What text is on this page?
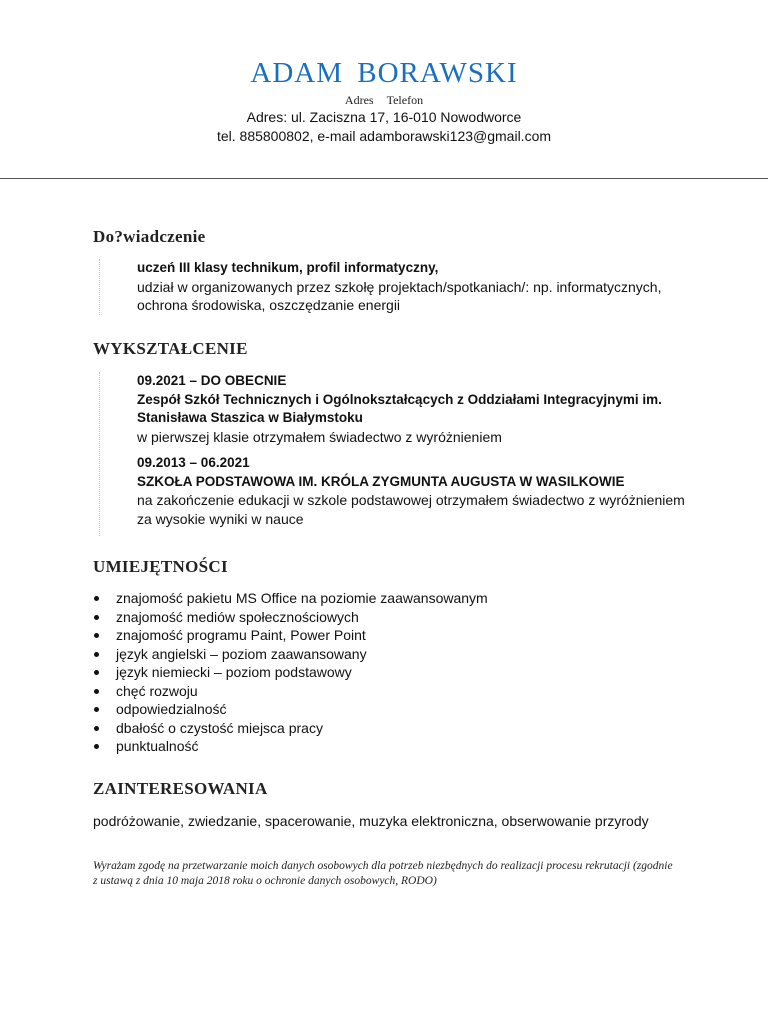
ADAM BORAWSKI
Adres Telefon
Adres: ul. Zaciszna 17, 16-010 Nowodworce
tel. 885800802, e-mail adamborawski123@gmail.com
Do?wiadczenie
uczeń III klasy technikum, profil informatyczny,
udział w organizowanych przez szkołę projektach/spotkaniach/: np. informatycznych, ochrona środowiska, oszczędzanie energii
WYKSZTAŁCENIE
09.2021 – DO OBECNIE
Zespół Szkół Technicznych i Ogólnokształcących z Oddziałami Integracyjnymi im. Stanisława Staszica w Białymstoku
w pierwszej klasie otrzymałem świadectwo z wyróżnieniem
09.2013 – 06.2021
SZKOŁA PODSTAWOWA IM. KRÓLA ZYGMUNTA AUGUSTA W WASILKOWIE
na zakończenie edukacji w szkole podstawowej otrzymałem świadectwo z wyróżnieniem za wysokie wyniki w nauce
UMIEJĘTNOŚCI
znajomość pakietu MS Office na poziomie zaawansowanym
znajomość mediów społecznościowych
znajomość programu Paint, Power Point
język angielski – poziom zaawansowany
język niemiecki – poziom podstawowy
chęć rozwoju
odpowiedzialność
dbałość o czystość miejsca pracy
punktualność
ZAINTERESOWANIA
podróżowanie, zwiedzanie, spacerowanie, muzyka elektroniczna, obserwowanie przyrody
Wyrażam zgodę na przetwarzanie moich danych osobowych dla potrzeb niezbędnych do realizacji procesu rekrutacji (zgodnie z ustawą z dnia 10 maja 2018 roku o ochronie danych osobowych, RODO)
